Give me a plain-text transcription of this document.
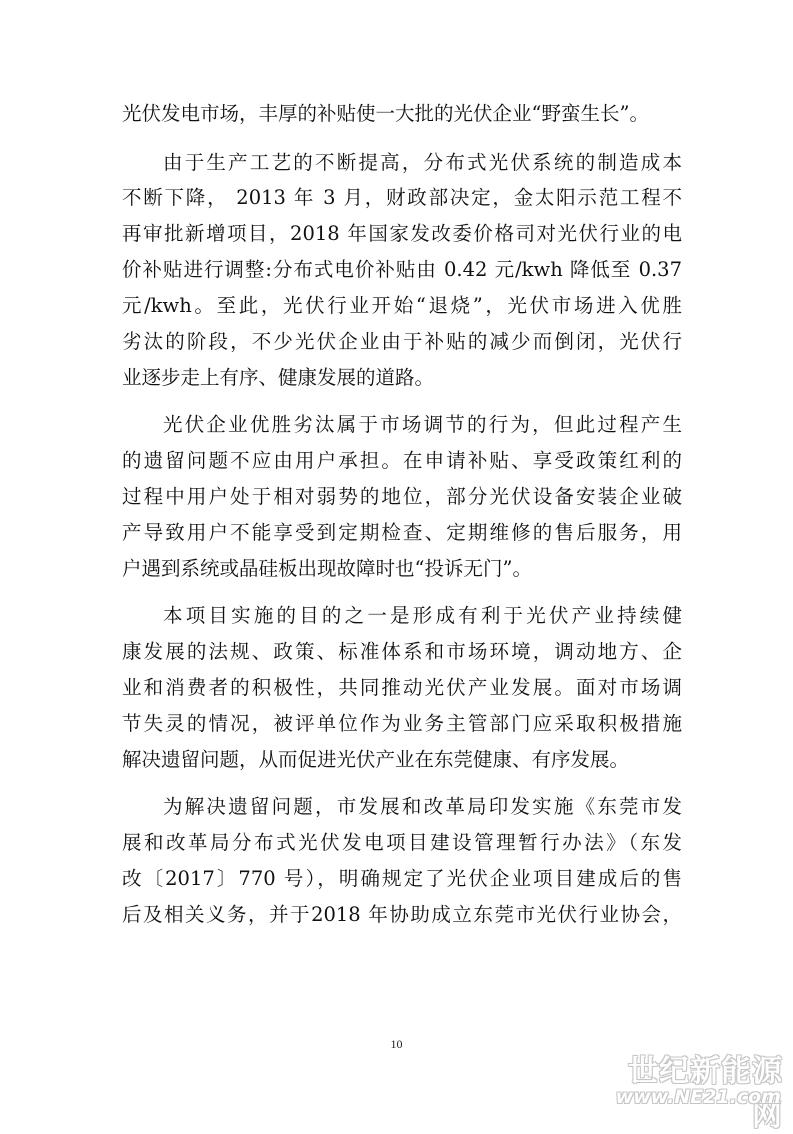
光伏发电市场，丰厚的补贴使一大批的光伏企业“野蛮生长”。
由于生产工艺的不断提高，分布式光伏系统的制造成本
不断下降， 2013 年 3 月，财政部决定，金太阳示范工程不
再审批新增项目，2018 年国家发改委价格司对光伏行业的电
价补贴进行调整:分布式电价补贴由 0.42 元/kwh 降低至 0.37
元/kwh。至此，光伏行业开始“退烧”，光伏市场进入优胜
劣汰的阶段，不少光伏企业由于补贴的减少而倒闭，光伏行
业逐步走上有序、健康发展的道路。
光伏企业优胜劣汰属于市场调节的行为，但此过程产生
的遗留问题不应由用户承担。在申请补贴、享受政策红利的
过程中用户处于相对弱势的地位，部分光伏设备安装企业破
产导致用户不能享受到定期检查、定期维修的售后服务，用
户遇到系统或晶硅板出现故障时也“投诉无门”。
本项目实施的目的之一是形成有利于光伏产业持续健
康发展的法规、政策、标准体系和市场环境，调动地方、企
业和消费者的积极性，共同推动光伏产业发展。面对市场调
节失灵的情况，被评单位作为业务主管部门应采取积极措施
解决遗留问题，从而促进光伏产业在东莞健康、有序发展。
为解决遗留问题，市发展和改革局印发实施《东莞市发
展和改革局分布式光伏发电项目建设管理暂行办法》（东发
改〔2017〕770 号），明确规定了光伏企业项目建成后的售
后及相关义务，并于2018 年协助成立东莞市光伏行业协会，
10
世纪新能源网
www.NE21.com
